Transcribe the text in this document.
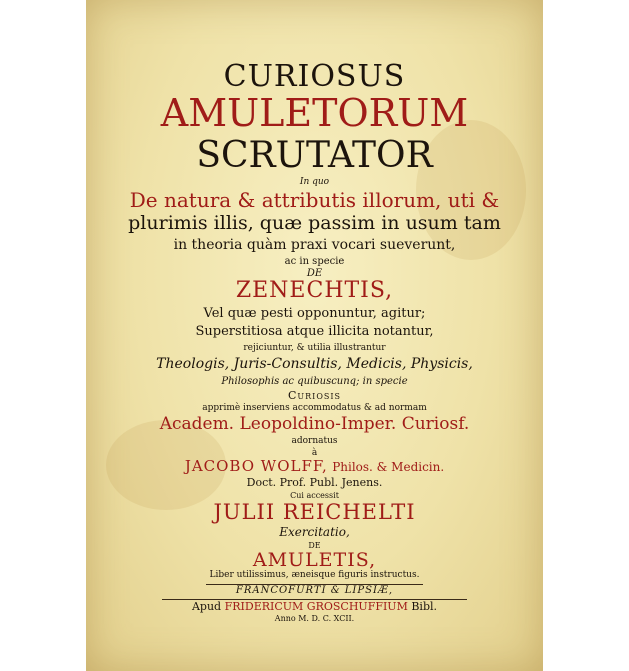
CURIOSUS
AMULETORUM
SCRUTATOR
In quo
De natura & attributis illorum, uti &
plurimis illis, quæ passim in usum tam
in theoria quàm praxi vocari sueverunt,
ac in specie
DE
ZENECHTIS,
Vel quæ pesti opponuntur, agitur;
Superstitiosa atque illicita notantur,
rejiciuntur, & utilia illustrantur
Theologis, Juris-Consultis, Medicis, Physicis,
Philosophis ac quibuscunq; in specie
Curiosis
apprimè inserviens accommodatus & ad normam
Academ. Leopoldino-Imper. Curiosf.
adornatus
à
JACOBO WOLFF, Philos. & Medicin.
Doct. Prof. Publ. Jenens.
Cui accessit
JULII REICHELTI
Exercitatio,
DE
AMULETIS,
Liber utilissimus, æneisque figuris instructus.
FRANCOFURTI & LIPSIÆ,
Apud FRIDERICUM GROSCHUFFIUM Bibl.
Anno M. D. C. XCII.
